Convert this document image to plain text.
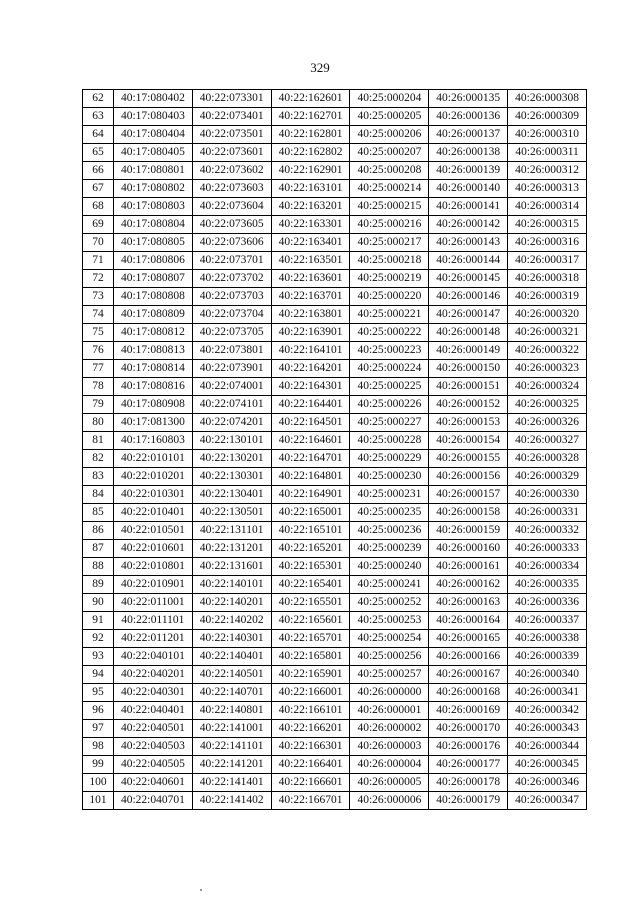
329
62	40:17:080402	40:22:073301	40:22:162601	40:25:000204	40:26:000135	40:26:000308
63	40:17:080403	40:22:073401	40:22:162701	40:25:000205	40:26:000136	40:26:000309
64	40:17:080404	40:22:073501	40:22:162801	40:25:000206	40:26:000137	40:26:000310
65	40:17:080405	40:22:073601	40:22:162802	40:25:000207	40:26:000138	40:26:000311
66	40:17:080801	40:22:073602	40:22:162901	40:25:000208	40:26:000139	40:26:000312
67	40:17:080802	40:22:073603	40:22:163101	40:25:000214	40:26:000140	40:26:000313
68	40:17:080803	40:22:073604	40:22:163201	40:25:000215	40:26:000141	40:26:000314
69	40:17:080804	40:22:073605	40:22:163301	40:25:000216	40:26:000142	40:26:000315
70	40:17:080805	40:22:073606	40:22:163401	40:25:000217	40:26:000143	40:26:000316
71	40:17:080806	40:22:073701	40:22:163501	40:25:000218	40:26:000144	40:26:000317
72	40:17:080807	40:22:073702	40:22:163601	40:25:000219	40:26:000145	40:26:000318
73	40:17:080808	40:22:073703	40:22:163701	40:25:000220	40:26:000146	40:26:000319
74	40:17:080809	40:22:073704	40:22:163801	40:25:000221	40:26:000147	40:26:000320
75	40:17:080812	40:22:073705	40:22:163901	40:25:000222	40:26:000148	40:26:000321
76	40:17:080813	40:22:073801	40:22:164101	40:25:000223	40:26:000149	40:26:000322
77	40:17:080814	40:22:073901	40:22:164201	40:25:000224	40:26:000150	40:26:000323
78	40:17:080816	40:22:074001	40:22:164301	40:25:000225	40:26:000151	40:26:000324
79	40:17:080908	40:22:074101	40:22:164401	40:25:000226	40:26:000152	40:26:000325
80	40:17:081300	40:22:074201	40:22:164501	40:25:000227	40:26:000153	40:26:000326
81	40:17:160803	40:22:130101	40:22:164601	40:25:000228	40:26:000154	40:26:000327
82	40:22:010101	40:22:130201	40:22:164701	40:25:000229	40:26:000155	40:26:000328
83	40:22:010201	40:22:130301	40:22:164801	40:25:000230	40:26:000156	40:26:000329
84	40:22:010301	40:22:130401	40:22:164901	40:25:000231	40:26:000157	40:26:000330
85	40:22:010401	40:22:130501	40:22:165001	40:25:000235	40:26:000158	40:26:000331
86	40:22:010501	40:22:131101	40:22:165101	40:25:000236	40:26:000159	40:26:000332
87	40:22:010601	40:22:131201	40:22:165201	40:25:000239	40:26:000160	40:26:000333
88	40:22:010801	40:22:131601	40:22:165301	40:25:000240	40:26:000161	40:26:000334
89	40:22:010901	40:22:140101	40:22:165401	40:25:000241	40:26:000162	40:26:000335
90	40:22:011001	40:22:140201	40:22:165501	40:25:000252	40:26:000163	40:26:000336
91	40:22:011101	40:22:140202	40:22:165601	40:25:000253	40:26:000164	40:26:000337
92	40:22:011201	40:22:140301	40:22:165701	40:25:000254	40:26:000165	40:26:000338
93	40:22:040101	40:22:140401	40:22:165801	40:25:000256	40:26:000166	40:26:000339
94	40:22:040201	40:22:140501	40:22:165901	40:25:000257	40:26:000167	40:26:000340
95	40:22:040301	40:22:140701	40:22:166001	40:26:000000	40:26:000168	40:26:000341
96	40:22:040401	40:22:140801	40:22:166101	40:26:000001	40:26:000169	40:26:000342
97	40:22:040501	40:22:141001	40:22:166201	40:26:000002	40:26:000170	40:26:000343
98	40:22:040503	40:22:141101	40:22:166301	40:26:000003	40:26:000176	40:26:000344
99	40:22:040505	40:22:141201	40:22:166401	40:26:000004	40:26:000177	40:26:000345
100	40:22:040601	40:22:141401	40:22:166601	40:26:000005	40:26:000178	40:26:000346
101	40:22:040701	40:22:141402	40:22:166701	40:26:000006	40:26:000179	40:26:000347
